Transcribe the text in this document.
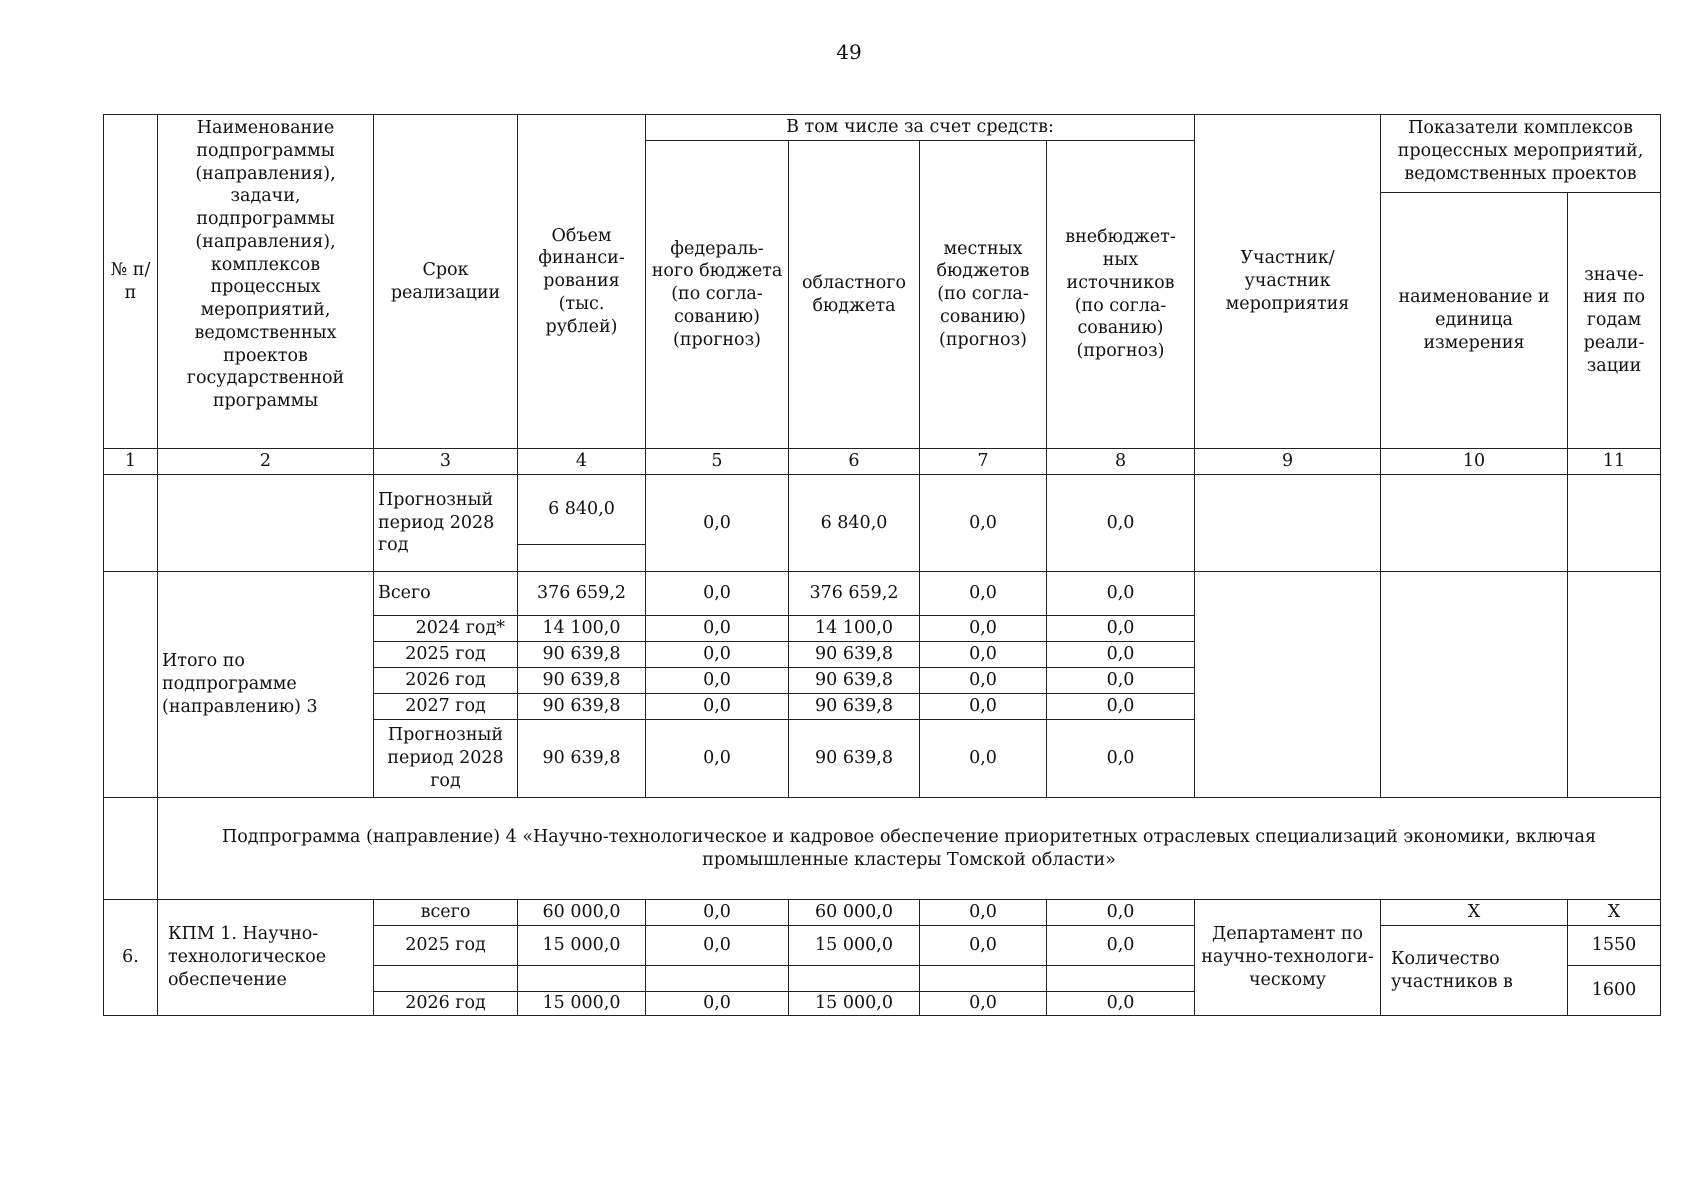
49
№ п/п	Наименование подпрограммы (направления), задачи, подпрограммы (направления), комплексов процессных мероприятий, ведомственных проектов государственной программы	Срок реализации	Объем финанси-рования (тыс. рублей)	В том числе за счет средств:				Участник/ участник мероприятия	Показатели комплексов процессных мероприятий, ведомственных проектов	
				федераль-ного бюджета (по согла-сованию) (прогноз)	областного бюджета	местных бюджетов (по согла-сованию) (прогноз)	внебюджет-ных источников (по согла-сованию) (прогноз)			
									наименование и единица измерения	значе-ния по годам реали-зации
1	2	3	4	5	6	7	8	9	10	11
		Прогнозный период 2028 год	6 840,0	0,0	6 840,0	0,0	0,0			

	Итого по подпрограмме (направлению) 3	Всего	376 659,2	0,0	376 659,2	0,0	0,0			
		2024 год*	14 100,0	0,0	14 100,0	0,0	0,0			
		2025 год	90 639,8	0,0	90 639,8	0,0	0,0			
		2026 год	90 639,8	0,0	90 639,8	0,0	0,0			
		2027 год	90 639,8	0,0	90 639,8	0,0	0,0			
		Прогнозный период 2028 год	90 639,8	0,0	90 639,8	0,0	0,0			
	Подпрограмма (направление) 4 «Научно-технологическое и кадровое обеспечение приоритетных отраслевых специализаций экономики, включая промышленные кластеры Томской области»									
6.	КПМ 1. Научно-технологическое обеспечение	всего	60 000,0	0,0	60 000,0	0,0	0,0	Департамент по научно-технологи-ческому	Х	Х
		2025 год	15 000,0	0,0	15 000,0	0,0	0,0		Количество участников в	1550
										1600
		2026 год	15 000,0	0,0	15 000,0	0,0	0,0			
